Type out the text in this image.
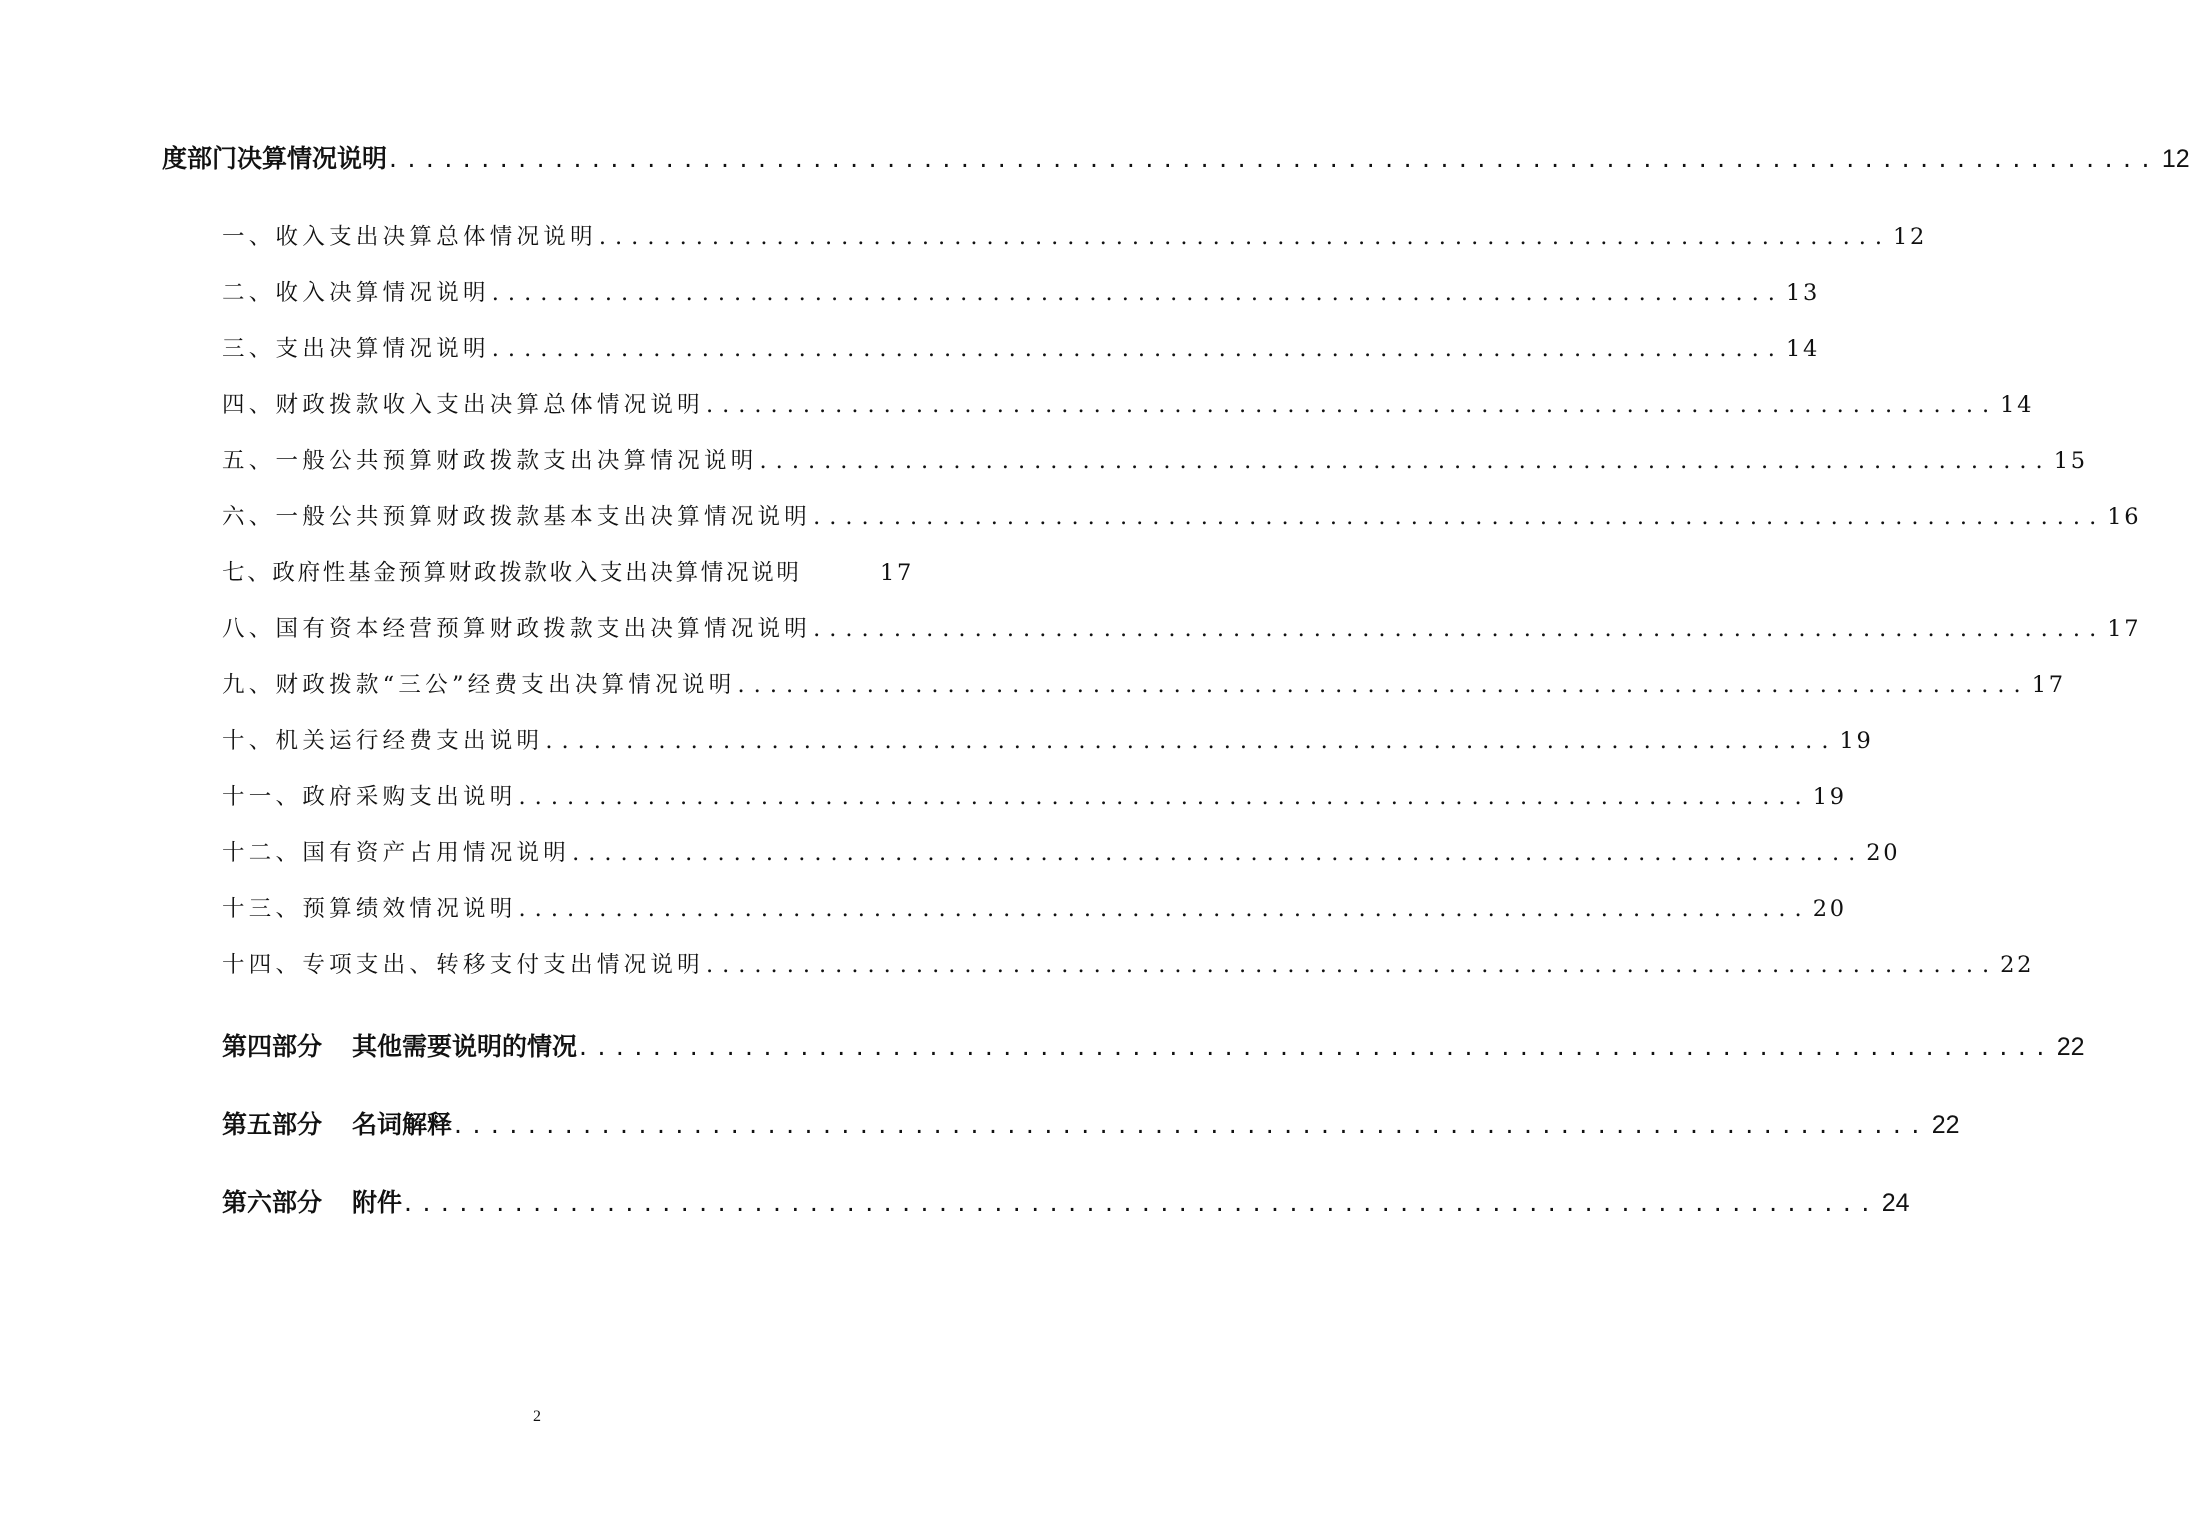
度部门决算情况说明 ................................................................................................ 12
一、收入支出决算总体情况说明 ................................................................................ 12
二、收入决算情况说明 ................................................................................ 13
三、支出决算情况说明 ................................................................................ 14
四、财政拨款收入支出决算总体情况说明 ................................................................................ 14
五、一般公共预算财政拨款支出决算情况说明 ................................................................................ 15
六、一般公共预算财政拨款基本支出决算情况说明 ................................................................................ 16
七、政府性基金预算财政拨款收入支出决算情况说明
	17
八、国有资本经营预算财政拨款支出决算情况说明 ................................................................................ 17
九、财政拨款“三公”经费支出决算情况说明 ................................................................................ 17
十、机关运行经费支出说明 ................................................................................ 19
十一、政府采购支出说明 ................................................................................ 19
十二、国有资产占用情况说明 ................................................................................ 20
十三、预算绩效情况说明 ................................................................................ 20
十四、专项支出、转移支付支出情况说明 ................................................................................ 22
第四部分 其他需要说明的情况 ................................................................................ 22
第五部分 名词解释 ................................................................................ 22
第六部分 附件 ................................................................................ 24
2
